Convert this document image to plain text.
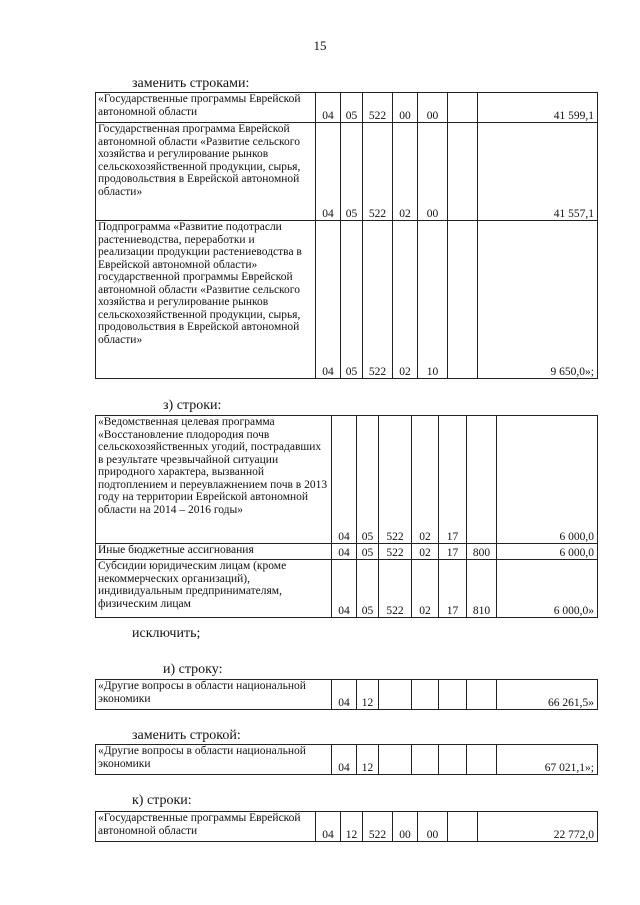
15
заменить строками:
«Государственные программы Еврейской автономной области	04	05	522	00	00		41 599,1
Государственная программа Еврейской автономной области «Развитие сельского хозяйства и регулирование рынков сельскохозяйственной продукции, сырья, продовольствия в Еврейской автономной области»	04	05	522	02	00		41 557,1
Подпрограмма «Развитие подотрасли растениеводства, переработки и реализации продукции растениеводства в Еврейской автономной области» государственной программы Еврейской автономной области «Развитие сельского хозяйства и регулирование рынков сельскохозяйственной продукции, сырья, продовольствия в Еврейской автономной области»	04	05	522	02	10		9 650,0»;
з) строки:
«Ведомственная целевая программа «Восстановление плодородия почв сельскохозяйственных угодий, пострадавших в результате чрезвычайной ситуации природного характера, вызванной подтоплением и переувлажнением почв в 2013 году на территории Еврейской автономной области на 2014 – 2016 годы»	04	05	522	02	17		6 000,0
Иные бюджетные ассигнования	04	05	522	02	17	800	6 000,0
Субсидии юридическим лицам (кроме некоммерческих организаций), индивидуальным предпринимателям, физическим лицам	04	05	522	02	17	810	6 000,0»
исключить;
и) строку:
«Другие вопросы в области национальной экономики	04	12					66 261,5»
заменить строкой:
«Другие вопросы в области национальной экономики	04	12					67 021,1»;
к) строки:
«Государственные программы Еврейской автономной области	04	12	522	00	00		22 772,0
